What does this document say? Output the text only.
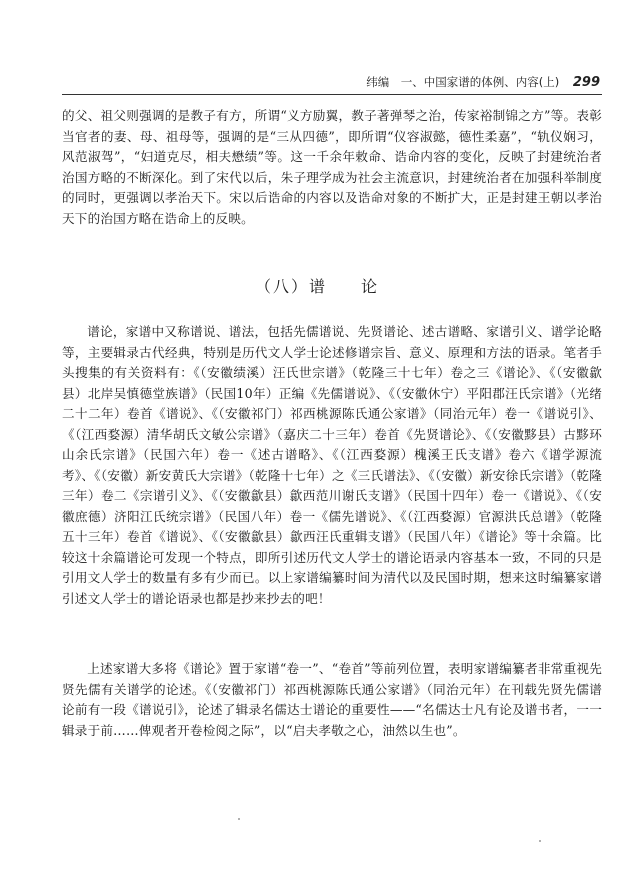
纬编　一、中国家谱的体例、内容(上) 299
的父、祖父则强调的是教子有方，所谓“义方励翼，教子著弹琴之治，传家裕制锦之方”等。表彰当官者的妻、母、祖母等，强调的是“三从四德”，即所谓“仪容淑懿，德性柔嘉”，“轨仪娴习，风范淑驾”，“妇道克尽，相夫懋绩”等。这一千余年敕命、诰命内容的变化，反映了封建统治者治国方略的不断深化。到了宋代以后，朱子理学成为社会主流意识，封建统治者在加强科举制度的同时，更强调以孝治天下。宋以后诰命的内容以及诰命对象的不断扩大，正是封建王朝以孝治天下的治国方略在诰命上的反映。
（八）谱 论
谱论，家谱中又称谱说、谱法，包括先儒谱说、先贤谱论、述古谱略、家谱引义、谱学论略等，主要辑录古代经典，特别是历代文人学士论述修谱宗旨、意义、原理和方法的语录。笔者手头搜集的有关资料有：《（安徽绩溪）汪氏世宗谱》（乾隆三十七年）卷之三《谱论》、《（安徽歙县）北岸吴慎德堂族谱》（民国10年）正编《先儒谱说》、《（安徽休宁）平阳郡汪氏宗谱》（光绪二十二年）卷首《谱说》、《（安徽祁门）祁西桃源陈氏通公家谱》（同治元年）卷一《谱说引》、《（江西婺源）清华胡氏文敏公宗谱》（嘉庆二十三年）卷首《先贤谱论》、《（安徽黟县）古黟环山余氏宗谱》（民国六年）卷一《述古谱略》、《（江西婺源）槐溪王氏支谱》卷六《谱学源流考》、《（安徽）新安黄氏大宗谱》（乾隆十七年）之《三氏谱法》、《（安徽）新安徐氏宗谱》（乾隆三年）卷二《宗谱引义》、《（安徽歙县）歙西范川谢氏支谱》（民国十四年）卷一《谱说》、《（安徽庶德）济阳江氏统宗谱》（民国八年）卷一《儒先谱说》、《（江西婺源）官源洪氏总谱》（乾隆五十三年）卷首《谱说》、《（安徽歙县）歙西汪氏重辑支谱》（民国八年）《谱论》等十余篇。比较这十余篇谱论可发现一个特点，即所引述历代文人学士的谱论语录内容基本一致，不同的只是引用文人学士的数量有多有少而已。以上家谱编纂时间为清代以及民国时期，想来这时编纂家谱引述文人学士的谱论语录也都是抄来抄去的吧！
上述家谱大多将《谱论》置于家谱“卷一”、“卷首”等前列位置，表明家谱编纂者非常重视先贤先儒有关谱学的论述。《（安徽祁门）祁西桃源陈氏通公家谱》（同治元年）在刊载先贤先儒谱论前有一段《谱说引》，论述了辑录名儒达士谱论的重要性——“名儒达士凡有论及谱书者，一一辑录于前……俾观者开卷检阅之际”，以“启夫孝敬之心，油然以生也”。
